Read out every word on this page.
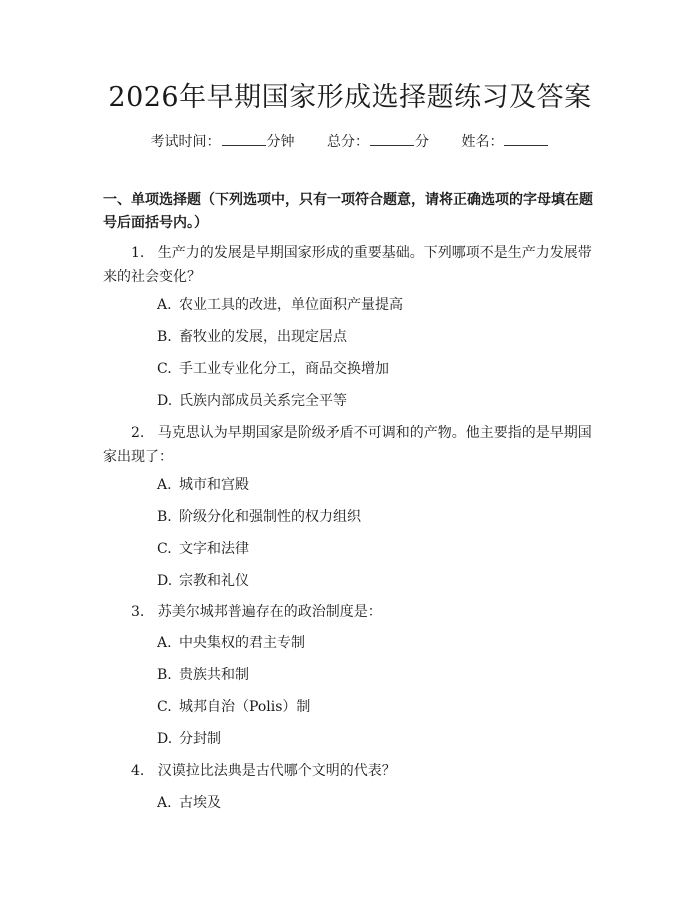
2026年早期国家形成选择题练习及答案
考试时间：	分钟 总分：	分 姓名：
一、单项选择题（下列选项中，只有一项符合题意，请将正确选项的字母填在题号后面括号内。）
1. 生产力的发展是早期国家形成的重要基础。下列哪项不是生产力发展带来的社会变化？
A. 农业工具的改进，单位面积产量提高
B. 畜牧业的发展，出现定居点
C. 手工业专业化分工，商品交换增加
D. 氏族内部成员关系完全平等
2. 马克思认为早期国家是阶级矛盾不可调和的产物。他主要指的是早期国家出现了：
A. 城市和宫殿
B. 阶级分化和强制性的权力组织
C. 文字和法律
D. 宗教和礼仪
3. 苏美尔城邦普遍存在的政治制度是：
A. 中央集权的君主专制
B. 贵族共和制
C. 城邦自治（Polis）制
D. 分封制
4. 汉谟拉比法典是古代哪个文明的代表？
A. 古埃及
